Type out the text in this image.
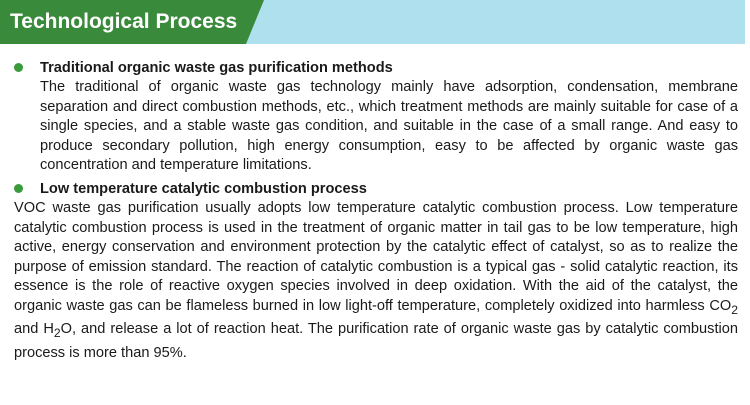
Technological Process
Traditional organic waste gas purification methods
The traditional of organic waste gas technology mainly have adsorption, condensation, membrane separation and direct combustion methods, etc., which treatment methods are mainly suitable for case of a single species, and a stable waste gas condition, and suitable in the case of a small range. And easy to produce secondary pollution, high energy consumption, easy to be affected by organic waste gas concentration and temperature limitations.
Low temperature catalytic combustion process
VOC waste gas purification usually adopts low temperature catalytic combustion process. Low temperature catalytic combustion process is used in the treatment of organic matter in tail gas to be low temperature, high active, energy conservation and environment protection by the catalytic effect of catalyst, so as to realize the purpose of emission standard. The reaction of catalytic combustion is a typical gas - solid catalytic reaction, its essence is the role of reactive oxygen species involved in deep oxidation. With the aid of the catalyst, the organic waste gas can be flameless burned in low light-off temperature, completely oxidized into harmless $CO_2$ and $H_2O$, and release a lot of reaction heat. The purification rate of organic waste gas by catalytic combustion process is more than 95%.
